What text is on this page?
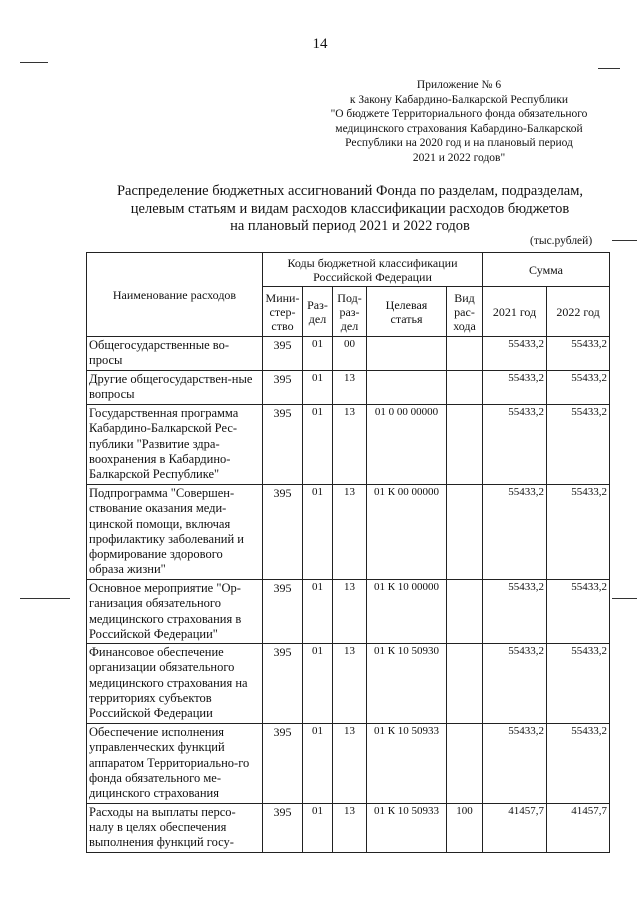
14
Приложение № 6
к Закону Кабардино-Балкарской Республики
"О бюджете Территориального фонда обязательного
медицинского страхования Кабардино-Балкарской
Республики на 2020 год и на плановый период
2021 и 2022 годов"
Распределение бюджетных ассигнований Фонда по разделам, подразделам,
целевым статьям и видам расходов классификации расходов бюджетов
на плановый период 2021 и 2022 годов
(тыс.рублей)
Наименование расходов	Коды бюджетной классификации Российской Федерации					Сумма	
	Мини-стер-ство	Раз-дел	Под-раз-дел	Целевая статья	Вид рас-хода	2021 год	2022 год
Общегосударственные во-просы	395	01	00			55433,2	55433,2
Другие общегосударствен-ные вопросы	395	01	13			55433,2	55433,2
Государственная программа Кабардино-Балкарской Рес-публики "Развитие здра-воохранения в Кабардино-Балкарской Республике"	395	01	13	01 0 00 00000		55433,2	55433,2
Подпрограмма "Совершен-ствование оказания меди-цинской помощи, включая профилактику заболеваний и формирование здорового образа жизни"	395	01	13	01 К 00 00000		55433,2	55433,2
Основное мероприятие "Ор-ганизация обязательного медицинского страхования в Российской Федерации"	395	01	13	01 К 10 00000		55433,2	55433,2
Финансовое обеспечение организации обязательного медицинского страхования на территориях субъектов Российской Федерации	395	01	13	01 К 10 50930		55433,2	55433,2
Обеспечение исполнения управленческих функций аппаратом Территориально-го фонда обязательного ме-дицинского страхования	395	01	13	01 К 10 50933		55433,2	55433,2
Расходы на выплаты персо-налу в целях обеспечения выполнения функций госу-	395	01	13	01 К 10 50933	100	41457,7	41457,7
